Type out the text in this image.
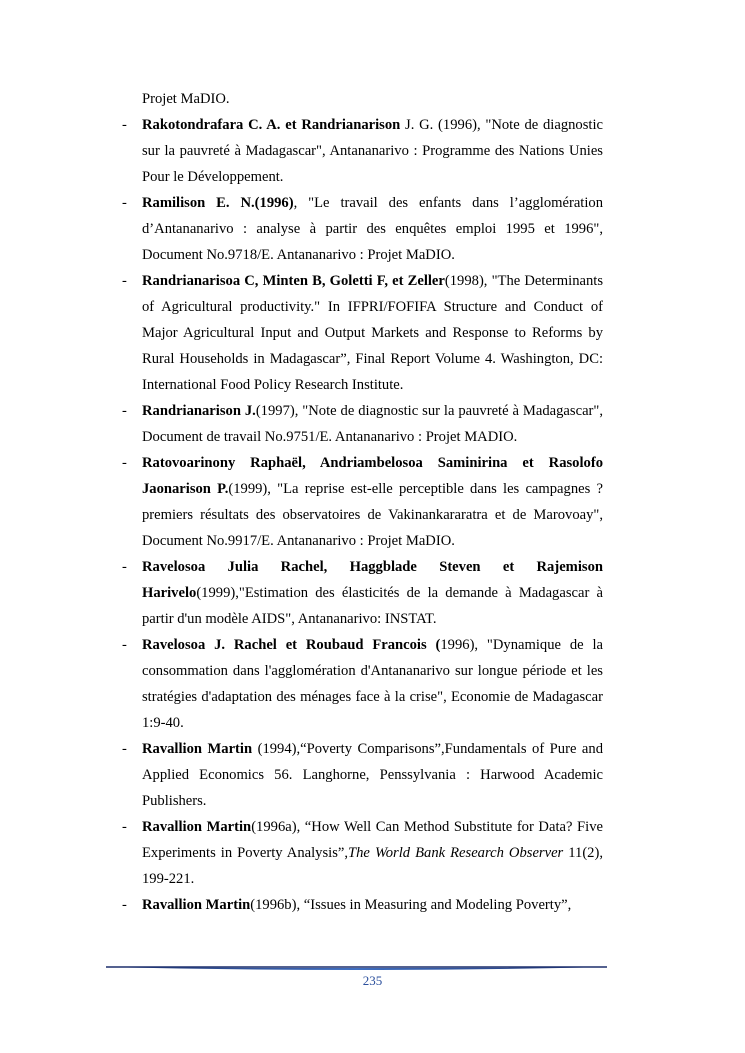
Projet MaDIO.
- Rakotondrafara C. A. et Randrianarison J. G. (1996), "Note de diagnostic sur la pauvreté à Madagascar", Antananarivo : Programme des Nations Unies Pour le Développement.
- Ramilison E. N.(1996), "Le travail des enfants dans l’agglomération d’Antananarivo : analyse à partir des enquêtes emploi 1995 et 1996", Document No.9718/E. Antananarivo : Projet MaDIO.
- Randrianarisoa C, Minten B, Goletti F, et Zeller(1998), "The Determinants of Agricultural productivity." In IFPRI/FOFIFA Structure and Conduct of Major Agricultural Input and Output Markets and Response to Reforms by Rural Households in Madagascar”, Final Report Volume 4. Washington, DC: International Food Policy Research Institute.
- Randrianarison J.(1997), "Note de diagnostic sur la pauvreté à Madagascar", Document de travail No.9751/E. Antananarivo : Projet MADIO.
- Ratovoarinony Raphaël, Andriambelosoa Saminirina et Rasolofo Jaonarison P.(1999), "La reprise est-elle perceptible dans les campagnes ? premiers résultats des observatoires de Vakinankararatra et de Marovoay", Document No.9917/E. Antananarivo : Projet MaDIO.
- Ravelosoa Julia Rachel, Haggblade Steven et Rajemison Harivelo(1999),"Estimation des élasticités de la demande à Madagascar à partir d'un modèle AIDS", Antananarivo: INSTAT.
- Ravelosoa J. Rachel et Roubaud Francois (1996), "Dynamique de la consommation dans l'agglomération d'Antananarivo sur longue période et les stratégies d'adaptation des ménages face à la crise", Economie de Madagascar 1:9-40.
- Ravallion Martin (1994),“Poverty Comparisons”,Fundamentals of Pure and Applied Economics 56. Langhorne, Penssylvania : Harwood Academic Publishers.
- Ravallion Martin(1996a), “How Well Can Method Substitute for Data? Five Experiments in Poverty Analysis”,The World Bank Research Observer 11(2), 199-221.
- Ravallion Martin(1996b), “Issues in Measuring and Modeling Poverty”,
235
